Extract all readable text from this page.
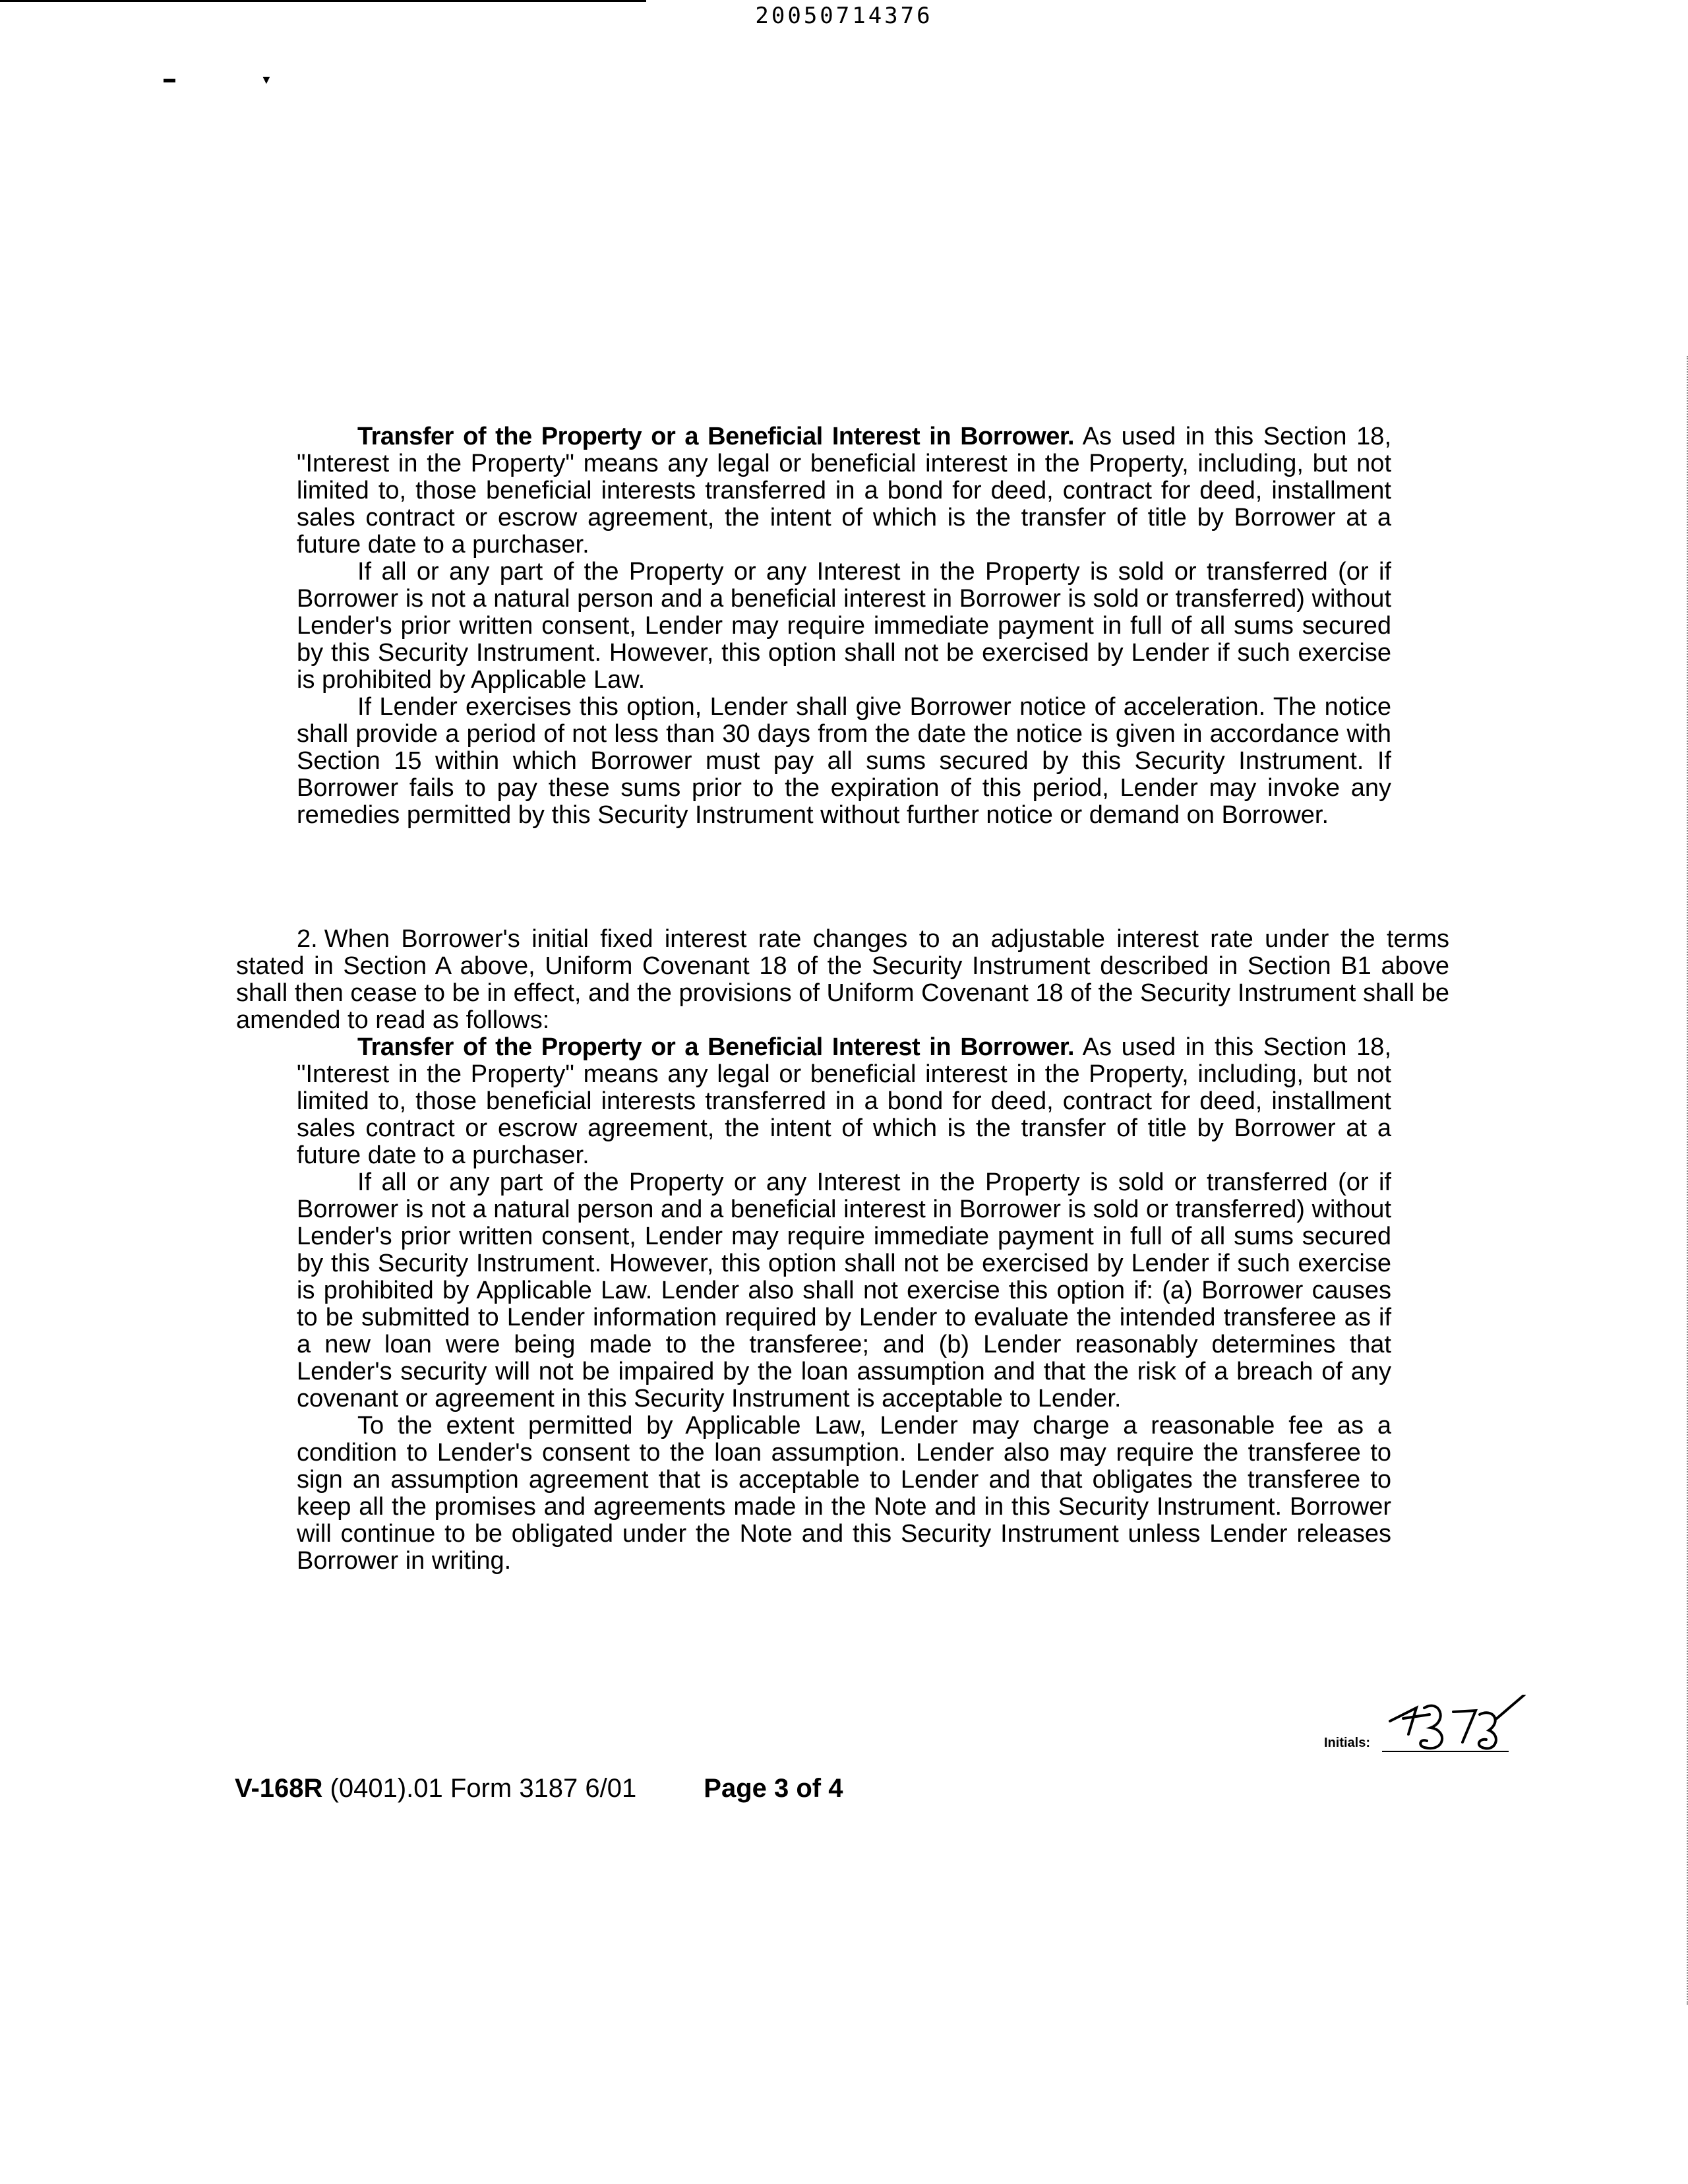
20050714376
▬	▼

Transfer of the Property or a Beneficial Interest in Borrower. As used in this Section 18, "Interest in the Property" means any legal or beneficial interest in the Property, including, but not limited to, those beneficial interests transferred in a bond for deed, contract for deed, installment sales contract or escrow agreement, the intent of which is the transfer of title by Borrower at a future date to a purchaser.

If all or any part of the Property or any Interest in the Property is sold or transferred (or if Borrower is not a natural person and a beneficial interest in Borrower is sold or transferred) without Lender's prior written consent, Lender may require immediate payment in full of all sums secured by this Security Instrument. However, this option shall not be exercised by Lender if such exercise is prohibited by Applicable Law.

If Lender exercises this option, Lender shall give Borrower notice of acceleration. The notice shall provide a period of not less than 30 days from the date the notice is given in accordance with Section 15 within which Borrower must pay all sums secured by this Security Instrument. If Borrower fails to pay these sums prior to the expiration of this period, Lender may invoke any remedies permitted by this Security Instrument without further notice or demand on Borrower.

2. When Borrower's initial fixed interest rate changes to an adjustable interest rate under the terms stated in Section A above, Uniform Covenant 18 of the Security Instrument described in Section B1 above shall then cease to be in effect, and the provisions of Uniform Covenant 18 of the Security Instrument shall be amended to read as follows:

Transfer of the Property or a Beneficial Interest in Borrower. As used in this Section 18, "Interest in the Property" means any legal or beneficial interest in the Property, including, but not limited to, those beneficial interests transferred in a bond for deed, contract for deed, installment sales contract or escrow agreement, the intent of which is the transfer of title by Borrower at a future date to a purchaser.

If all or any part of the Property or any Interest in the Property is sold or transferred (or if Borrower is not a natural person and a beneficial interest in Borrower is sold or transferred) without Lender's prior written consent, Lender may require immediate payment in full of all sums secured by this Security Instrument. However, this option shall not be exercised by Lender if such exercise is prohibited by Applicable Law. Lender also shall not exercise this option if: (a) Borrower causes to be submitted to Lender information required by Lender to evaluate the intended transferee as if a new loan were being made to the transferee; and (b) Lender reasonably determines that Lender's security will not be impaired by the loan assumption and that the risk of a breach of any covenant or agreement in this Security Instrument is acceptable to Lender.

To the extent permitted by Applicable Law, Lender may charge a reasonable fee as a condition to Lender's consent to the loan assumption. Lender also may require the transferee to sign an assumption agreement that is acceptable to Lender and that obligates the transferee to keep all the promises and agreements made in the Note and in this Security Instrument. Borrower will continue to be obligated under the Note and this Security Instrument unless Lender releases Borrower in writing.

Initials:
V-168R (0401).01 Form 3187 6/01	Page 3 of 4
